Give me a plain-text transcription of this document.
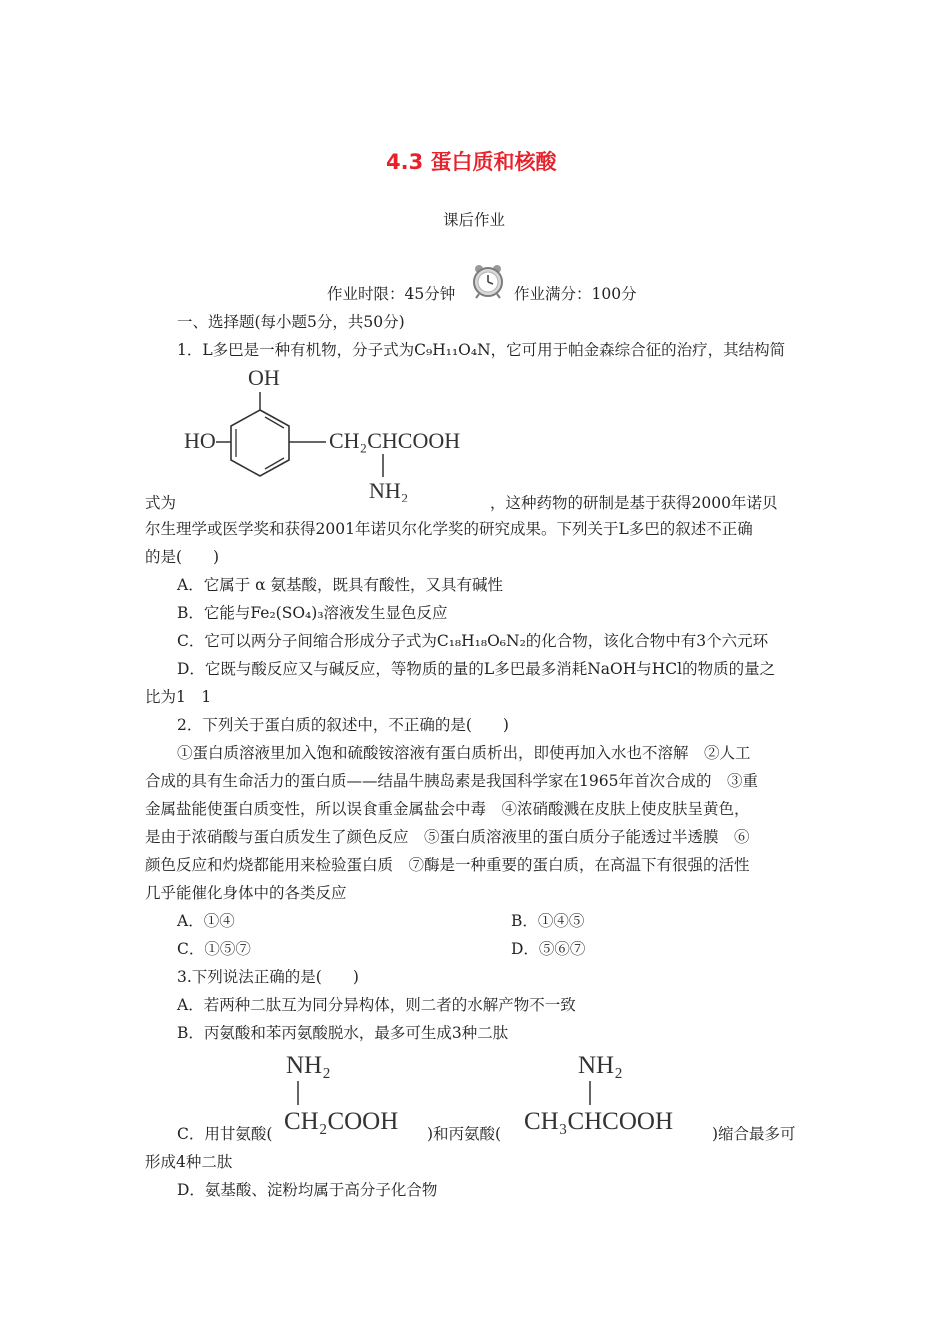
4.3 蛋白质和核酸
课后作业
作业时限：45分钟	作业满分：100分
一、选择题(每小题5分，共50分)
1．L多巴是一种有机物，分子式为C₉H₁₁O₄N，它可用于帕金森综合征的治疗，其结构简
OH
HO	CH₂CHCOOH
NH₂
式为	，这种药物的研制是基于获得2000年诺贝
尔生理学或医学奖和获得2001年诺贝尔化学奖的研究成果。下列关于L多巴的叙述不正确
的是(　　)
A．它属于 α 氨基酸，既具有酸性，又具有碱性
B．它能与Fe₂(SO₄)₃溶液发生显色反应
C．它可以两分子间缩合形成分子式为C₁₈H₁₈O₆N₂的化合物，该化合物中有3个六元环
D．它既与酸反应又与碱反应，等物质的量的L多巴最多消耗NaOH与HCl的物质的量之
比为1　1
2．下列关于蛋白质的叙述中，不正确的是(　　)
①蛋白质溶液里加入饱和硫酸铵溶液有蛋白质析出，即使再加入水也不溶解　②人工
合成的具有生命活力的蛋白质——结晶牛胰岛素是我国科学家在1965年首次合成的　③重
金属盐能使蛋白质变性，所以误食重金属盐会中毒　④浓硝酸溅在皮肤上使皮肤呈黄色，
是由于浓硝酸与蛋白质发生了颜色反应　⑤蛋白质溶液里的蛋白质分子能透过半透膜　⑥
颜色反应和灼烧都能用来检验蛋白质　⑦酶是一种重要的蛋白质，在高温下有很强的活性
几乎能催化身体中的各类反应
A．①④	B．①④⑤
C．①⑤⑦	D．⑤⑥⑦
3.下列说法正确的是(　　)
A．若两种二肽互为同分异构体，则二者的水解产物不一致
B．丙氨酸和苯丙氨酸脱水，最多可生成3种二肽
NH₂
CH₂COOH
NH₂
CH₃CHCOOH
C．用甘氨酸(	)和丙氨酸(	)缩合最多可
形成4种二肽
D．氨基酸、淀粉均属于高分子化合物
